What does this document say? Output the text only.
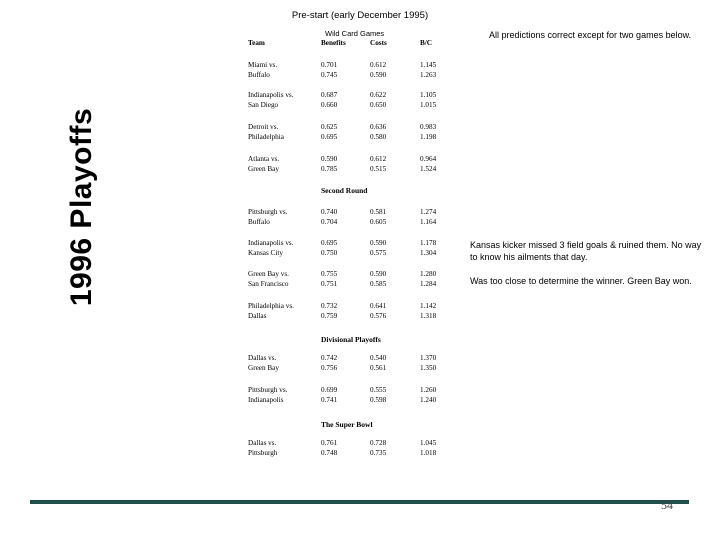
Pre-start (early December 1995)
1996 Playoffs
Wild Card Games	All predictions correct except for two games below.
Kansas kicker missed 3 field goals & ruined them. No way to know his ailments that day.
Was too close to determine the winner. Green Bay won.
Team	Benefits	Costs	B/C
Second Round
Divisional Playoffs
The Super Bowl
Miami vs.	0.701	0.612	1.145
Buffalo	0.745	0.590	1.263
Indianapolis vs.	0.687	0.622	1.105
San Diego	0.660	0.650	1.015
Detroit vs.	0.625	0.636	0.983
Philadelphia	0.695	0.580	1.198
Atlanta vs.	0.590	0.612	0.964
Green Bay	0.785	0.515	1.524
Pittsburgh vs.	0.740	0.581	1.274
Buffalo	0.704	0.605	1.164
Indianapolis vs.	0.695	0.590	1.178
Kansas City	0.750	0.575	1.304
Green Bay vs.	0.755	0.590	1.280
San Francisco	0.751	0.585	1.284
Philadelphia vs.	0.732	0.641	1.142
Dallas	0.759	0.576	1.318
Dallas vs.	0.742	0.540	1.370
Green Bay	0.756	0.561	1.350
Pittsburgh vs.	0.699	0.555	1.260
Indianapolis	0.741	0.598	1.240
Dallas vs.	0.761	0.728	1.045
Pittsburgh	0.748	0.735	1.018
54
